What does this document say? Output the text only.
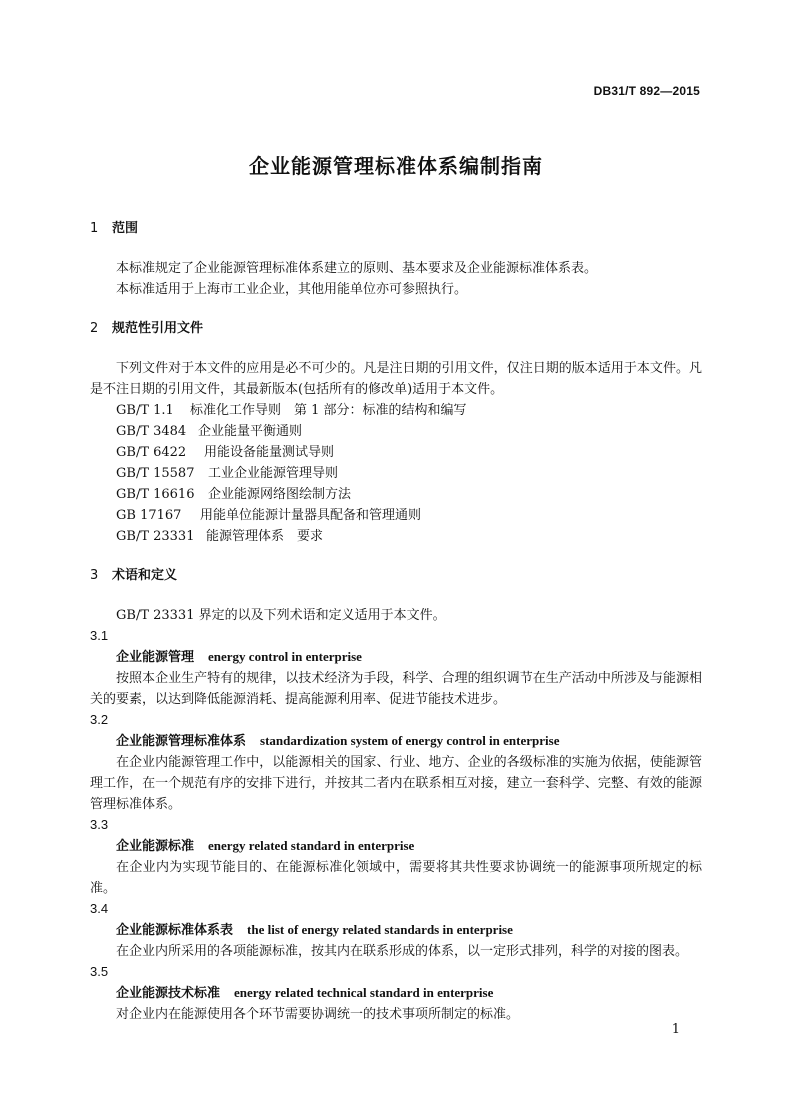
DB31/T 892—2015
企业能源管理标准体系编制指南
1 范围
本标准规定了企业能源管理标准体系建立的原则、基本要求及企业能源标准体系表。
本标准适用于上海市工业企业，其他用能单位亦可参照执行。
2 规范性引用文件
下列文件对于本文件的应用是必不可少的。凡是注日期的引用文件，仅注日期的版本适用于本文件。凡是不注日期的引用文件，其最新版本(包括所有的修改单)适用于本文件。
GB/T 1.1 标准化工作导则　第 1 部分：标准的结构和编写
GB/T 3484 企业能量平衡通则
GB/T 6422 用能设备能量测试导则
GB/T 15587 工业企业能源管理导则
GB/T 16616 企业能源网络图绘制方法
GB 17167 用能单位能源计量器具配备和管理通则
GB/T 23331 能源管理体系　要求
3 术语和定义
GB/T 23331 界定的以及下列术语和定义适用于本文件。
3.1
企业能源管理 energy control in enterprise
按照本企业生产特有的规律，以技术经济为手段，科学、合理的组织调节在生产活动中所涉及与能源相关的要素，以达到降低能源消耗、提高能源利用率、促进节能技术进步。
3.2
企业能源管理标准体系 standardization system of energy control in enterprise
在企业内能源管理工作中，以能源相关的国家、行业、地方、企业的各级标准的实施为依据，使能源管理工作，在一个规范有序的安排下进行，并按其二者内在联系相互对接，建立一套科学、完整、有效的能源管理标准体系。
3.3
企业能源标准 energy related standard in enterprise
在企业内为实现节能目的、在能源标准化领域中，需要将其共性要求协调统一的能源事项所规定的标准。
3.4
企业能源标准体系表 the list of energy related standards in enterprise
在企业内所采用的各项能源标准，按其内在联系形成的体系，以一定形式排列，科学的对接的图表。
3.5
企业能源技术标准 energy related technical standard in enterprise
对企业内在能源使用各个环节需要协调统一的技术事项所制定的标准。
1
